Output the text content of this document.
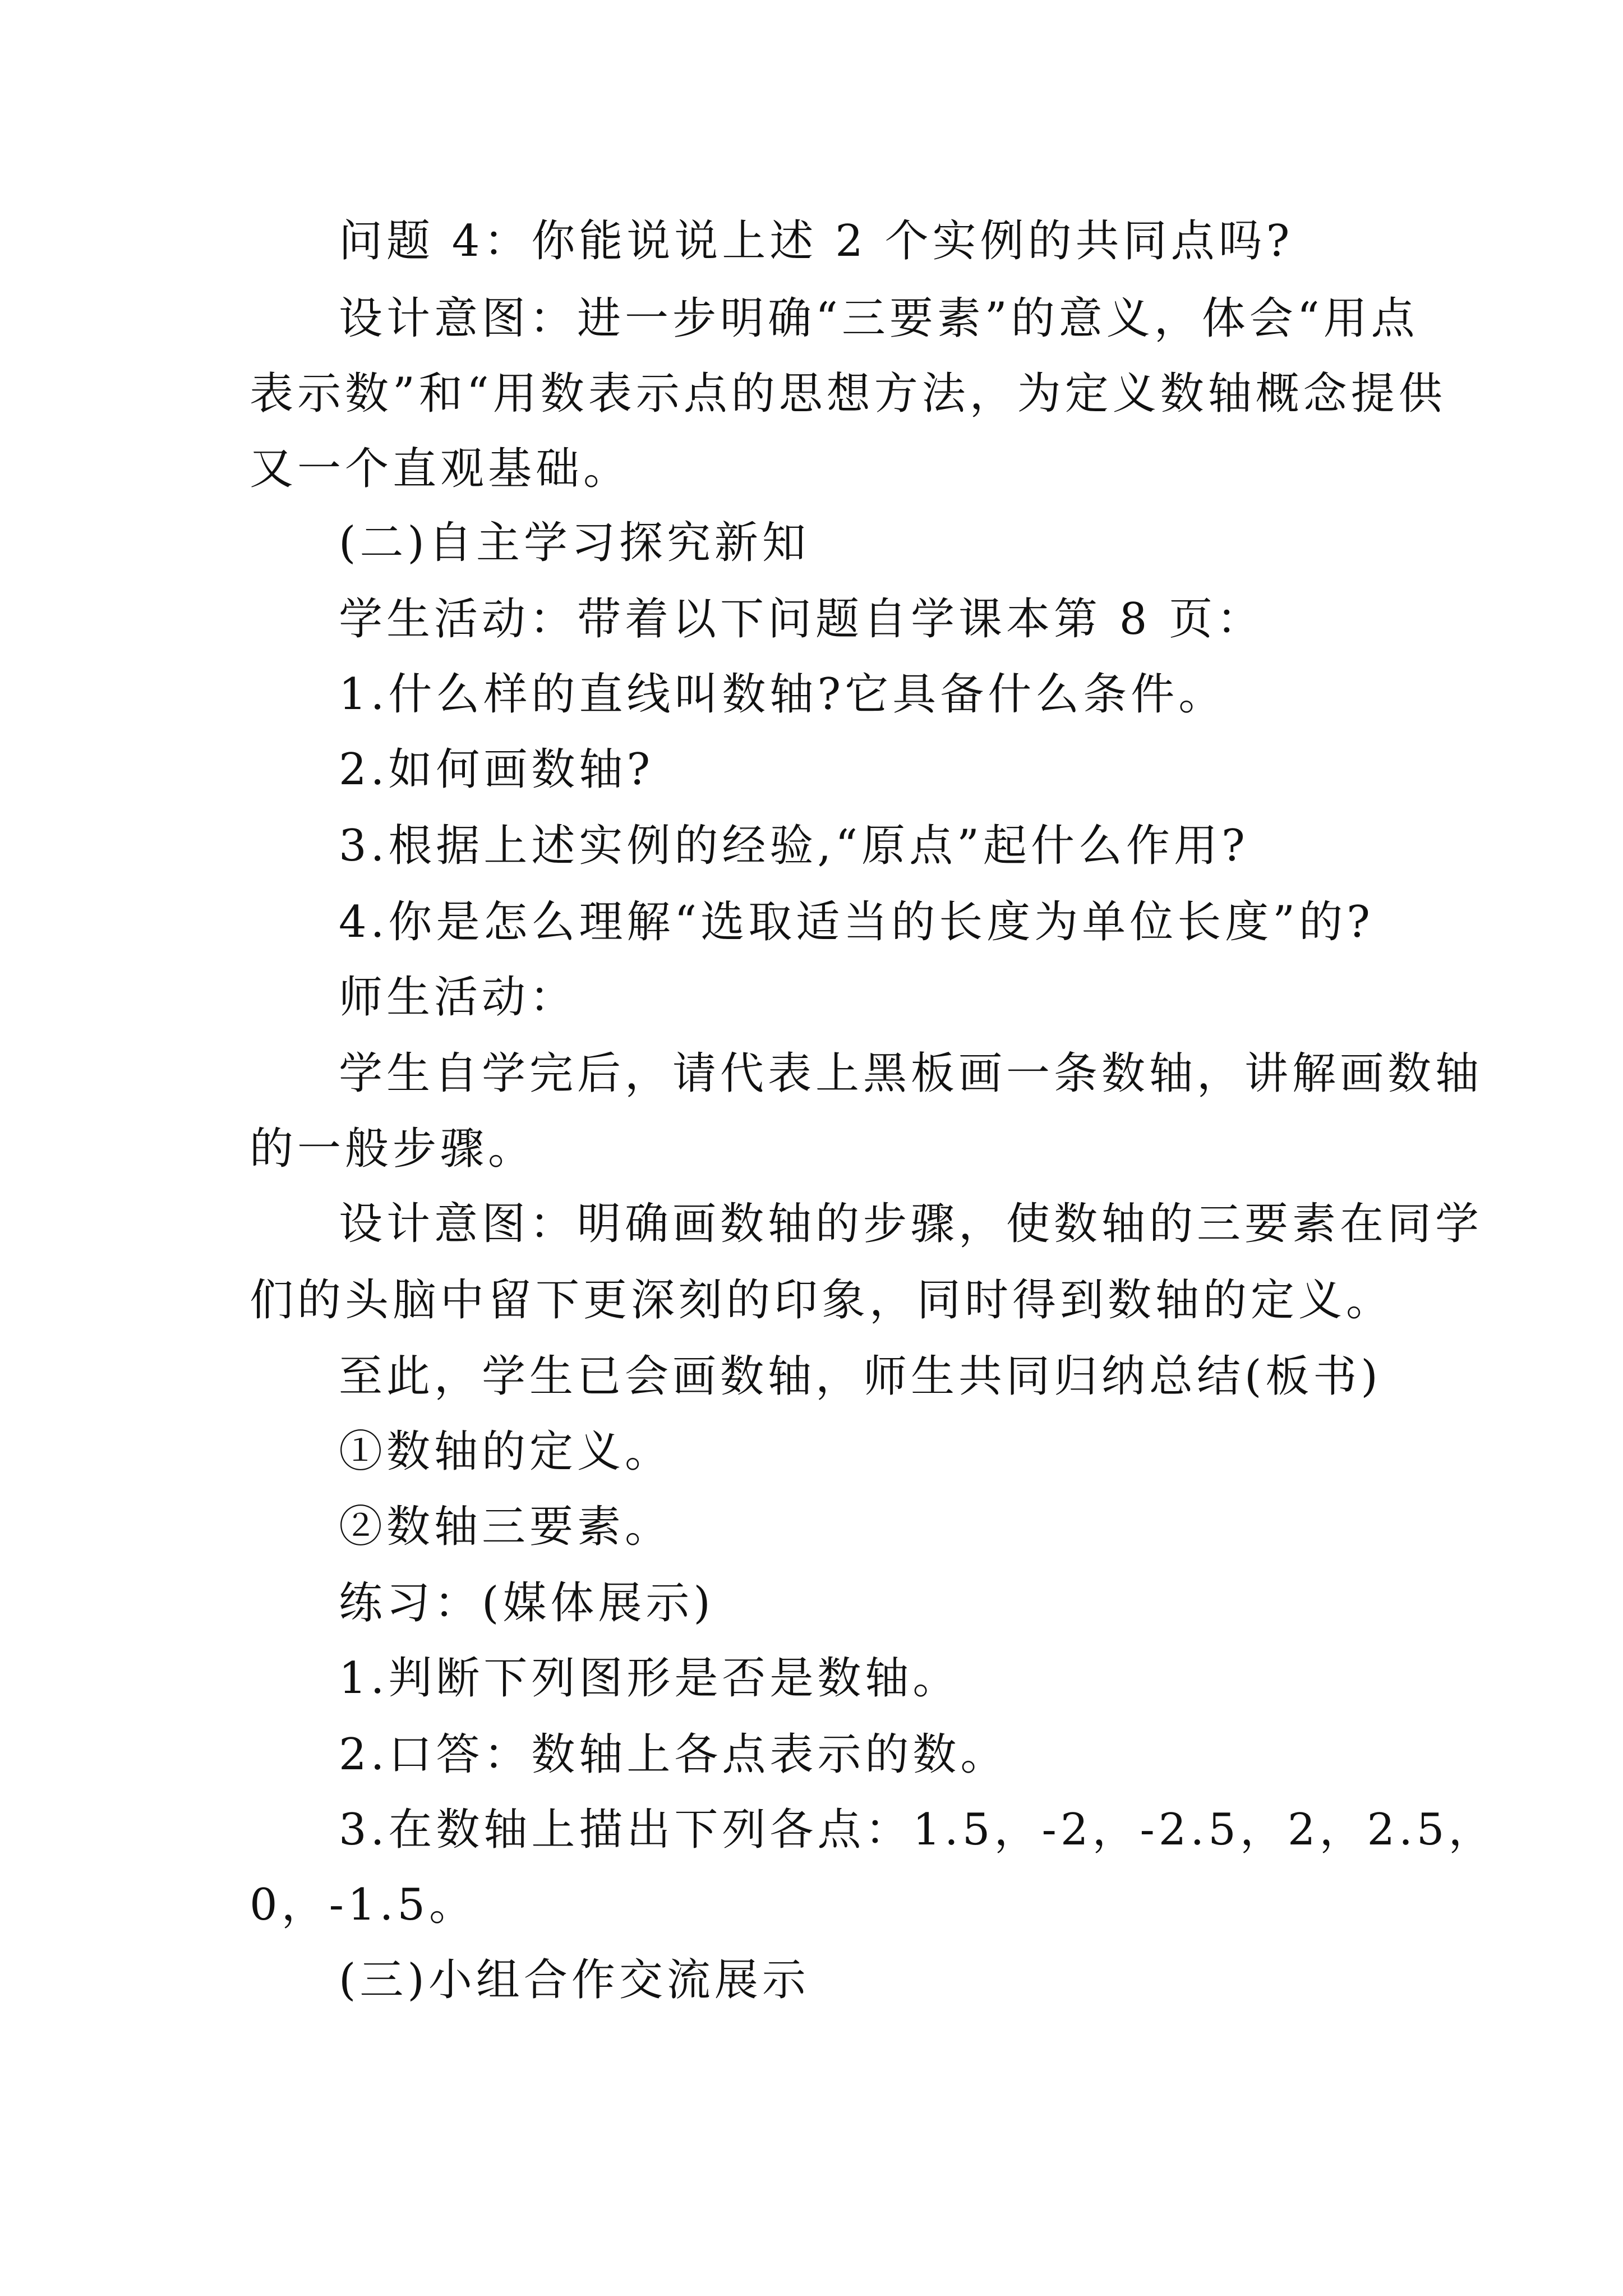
问题 4：你能说说上述 2 个实例的共同点吗?
设计意图：进一步明确“三要素”的意义，体会“用点
表示数”和“用数表示点的思想方法，为定义数轴概念提供
又一个直观基础。
(二)自主学习探究新知
学生活动：带着以下问题自学课本第 8 页：
1.什么样的直线叫数轴?它具备什么条件。
2.如何画数轴?
3.根据上述实例的经验,“原点”起什么作用?
4.你是怎么理解“选取适当的长度为单位长度”的?
师生活动：
学生自学完后，请代表上黑板画一条数轴，讲解画数轴
的一般步骤。
设计意图：明确画数轴的步骤，使数轴的三要素在同学
们的头脑中留下更深刻的印象，同时得到数轴的定义。
至此，学生已会画数轴，师生共同归纳总结(板书)
①数轴的定义。
②数轴三要素。
练习：(媒体展示)
1.判断下列图形是否是数轴。
2.口答：数轴上各点表示的数。
3.在数轴上描出下列各点：1.5，-2，-2.5，2，2.5，
0，-1.5。
(三)小组合作交流展示
